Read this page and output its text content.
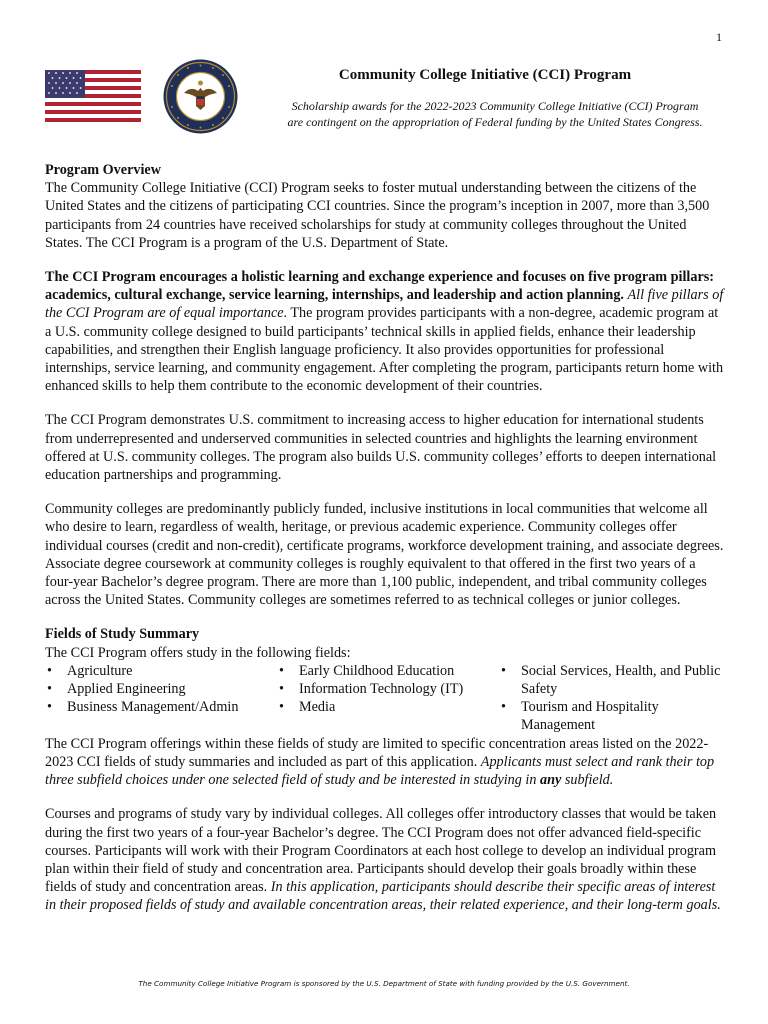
1
Community College Initiative (CCI) Program
Scholarship awards for the 2022-2023 Community College Initiative (CCI) Program
are contingent on the appropriation of Federal funding by the United States Congress.
Program Overview

The Community College Initiative (CCI) Program seeks to foster mutual understanding between the citizens of the United States and the citizens of participating CCI countries. Since the program’s inception in 2007, more than 3,500 participants from 24 countries have received scholarships for study at community colleges throughout the United States. The CCI Program is a program of the U.S. Department of State.

The CCI Program encourages a holistic learning and exchange experience and focuses on five program pillars: academics, cultural exchange, service learning, internships, and leadership and action planning. All five pillars of the CCI Program are of equal importance. The program provides participants with a non-degree, academic program at a U.S. community college designed to build participants’ technical skills in applied fields, enhance their leadership capabilities, and strengthen their English language proficiency. It also provides opportunities for professional internships, service learning, and community engagement. After completing the program, participants return home with enhanced skills to help them contribute to the economic development of their countries.

The CCI Program demonstrates U.S. commitment to increasing access to higher education for international students from underrepresented and underserved communities in selected countries and highlights the learning environment offered at U.S. community colleges. The program also builds U.S. community colleges’ efforts to deepen international education partnerships and programming.

Community colleges are predominantly publicly funded, inclusive institutions in local communities that welcome all who desire to learn, regardless of wealth, heritage, or previous academic experience. Community colleges offer individual courses (credit and non-credit), certificate programs, workforce development training, and associate degrees. Associate degree coursework at community colleges is roughly equivalent to that offered in the first two years of a four-year Bachelor’s degree program. There are more than 1,100 public, independent, and tribal community colleges across the United States. Community colleges are sometimes referred to as technical colleges or junior colleges.

Fields of Study Summary
The CCI Program offers study in the following fields:
• Agriculture
• Applied Engineering
• Business Management/Admin
• Early Childhood Education
• Information Technology (IT)
• Media
• Social Services, Health, and Public Safety
• Tourism and Hospitality Management

The CCI Program offerings within these fields of study are limited to specific concentration areas listed on the 2022-2023 CCI fields of study summaries and included as part of this application. Applicants must select and rank their top three subfield choices under one selected field of study and be interested in studying in any subfield.

Courses and programs of study vary by individual colleges. All colleges offer introductory classes that would be taken during the first two years of a four-year Bachelor’s degree. The CCI Program does not offer advanced field-specific courses. Participants will work with their Program Coordinators at each host college to develop an individual program plan within their field of study and concentration area. Participants should develop their goals broadly within these fields of study and concentration areas. In this application, participants should describe their specific areas of interest in their proposed fields of study and available concentration areas, their related experience, and their long-term goals.

The Community College Initiative Program is sponsored by the U.S. Department of State with funding provided by the U.S. Government.
